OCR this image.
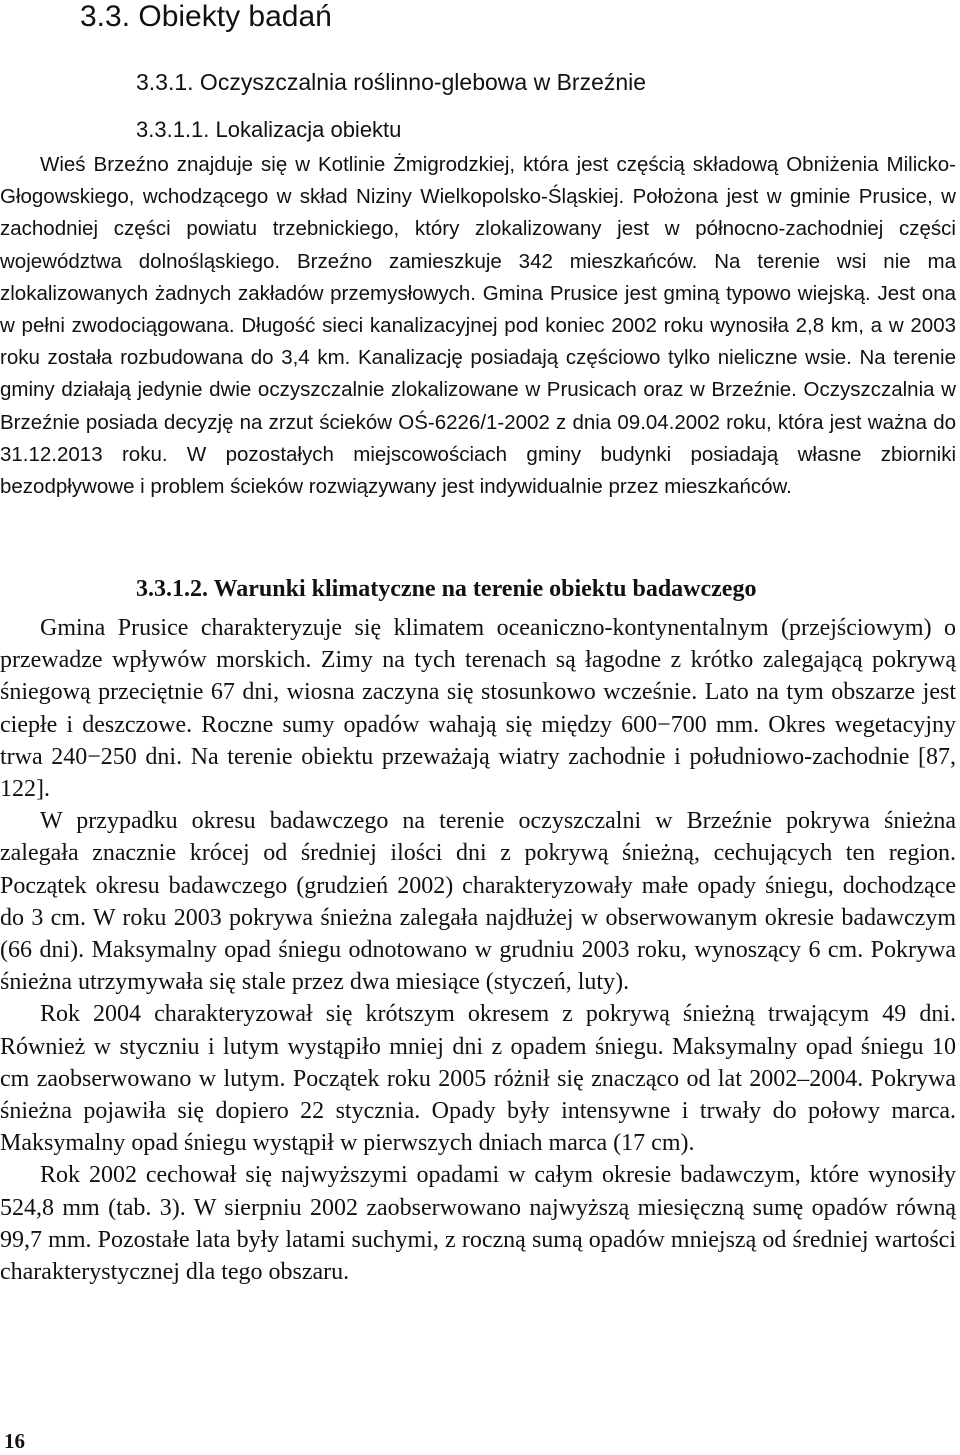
3.3. Obiekty badań
3.3.1. Oczyszczalnia roślinno-glebowa w Brzeźnie
3.3.1.1. Lokalizacja obiektu

Wieś Brzeźno znajduje się w Kotlinie Żmigrodzkiej, która jest częścią składową Obniżenia Milicko-Głogowskiego, wchodzącego w skład Niziny Wielkopolsko-Śląskiej. Położona jest w gminie Prusice, w zachodniej części powiatu trzebnickiego, który zlokalizowany jest w północno-zachodniej części województwa dolnośląskiego. Brzeźno zamieszkuje 342 mieszkańców. Na terenie wsi nie ma zlokalizowanych żadnych zakładów przemysłowych. Gmina Prusice jest gminą typowo wiejską. Jest ona w pełni zwodociągowana. Długość sieci kanalizacyjnej pod koniec 2002 roku wynosiła 2,8 km, a w 2003 roku została rozbudowana do 3,4 km. Kanalizację posiadają częściowo tylko nieliczne wsie. Na terenie gminy działają jedynie dwie oczyszczalnie zlokalizowane w Prusicach oraz w Brzeźnie. Oczyszczalnia w Brzeźnie posiada decyzję na zrzut ścieków OŚ-6226/1-2002 z dnia 09.04.2002 roku, która jest ważna do 31.12.2013 roku. W pozostałych miejscowościach gminy budynki posiadają własne zbiorniki bezodpływowe i problem ścieków rozwiązywany jest indywidualnie przez mieszkańców.

3.3.1.2. Warunki klimatyczne na terenie obiektu badawczego

Gmina Prusice charakteryzuje się klimatem oceaniczno-kontynentalnym (przejściowym) o przewadze wpływów morskich. Zimy na tych terenach są łagodne z krótko zalegającą pokrywą śniegową przeciętnie 67 dni, wiosna zaczyna się stosunkowo wcześnie. Lato na tym obszarze jest ciepłe i deszczowe. Roczne sumy opadów wahają się między 600−700 mm. Okres wegetacyjny trwa 240−250 dni. Na terenie obiektu przeważają wiatry zachodnie i południowo-zachodnie [87, 122].

W przypadku okresu badawczego na terenie oczyszczalni w Brzeźnie pokrywa śnieżna zalegała znacznie krócej od średniej ilości dni z pokrywą śnieżną, cechujących ten region. Początek okresu badawczego (grudzień 2002) charakteryzowały małe opady śniegu, dochodzące do 3 cm. W roku 2003 pokrywa śnieżna zalegała najdłużej w obserwowanym okresie badawczym (66 dni). Maksymalny opad śniegu odnotowano w grudniu 2003 roku, wynoszący 6 cm. Pokrywa śnieżna utrzymywała się stale przez dwa miesiące (styczeń, luty).

Rok 2004 charakteryzował się krótszym okresem z pokrywą śnieżną trwającym 49 dni. Również w styczniu i lutym wystąpiło mniej dni z opadem śniegu. Maksymalny opad śniegu 10 cm zaobserwowano w lutym. Początek roku 2005 różnił się znacząco od lat 2002–2004. Pokrywa śnieżna pojawiła się dopiero 22 stycznia. Opady były intensywne i trwały do połowy marca. Maksymalny opad śniegu wystąpił w pierwszych dniach marca (17 cm).

Rok 2002 cechował się najwyższymi opadami w całym okresie badawczym, które wynosiły 524,8 mm (tab. 3). W sierpniu 2002 zaobserwowano najwyższą miesięczną sumę opadów równą 99,7 mm. Pozostałe lata były latami suchymi, z roczną sumą opadów mniejszą od średniej wartości charakterystycznej dla tego obszaru.

16
